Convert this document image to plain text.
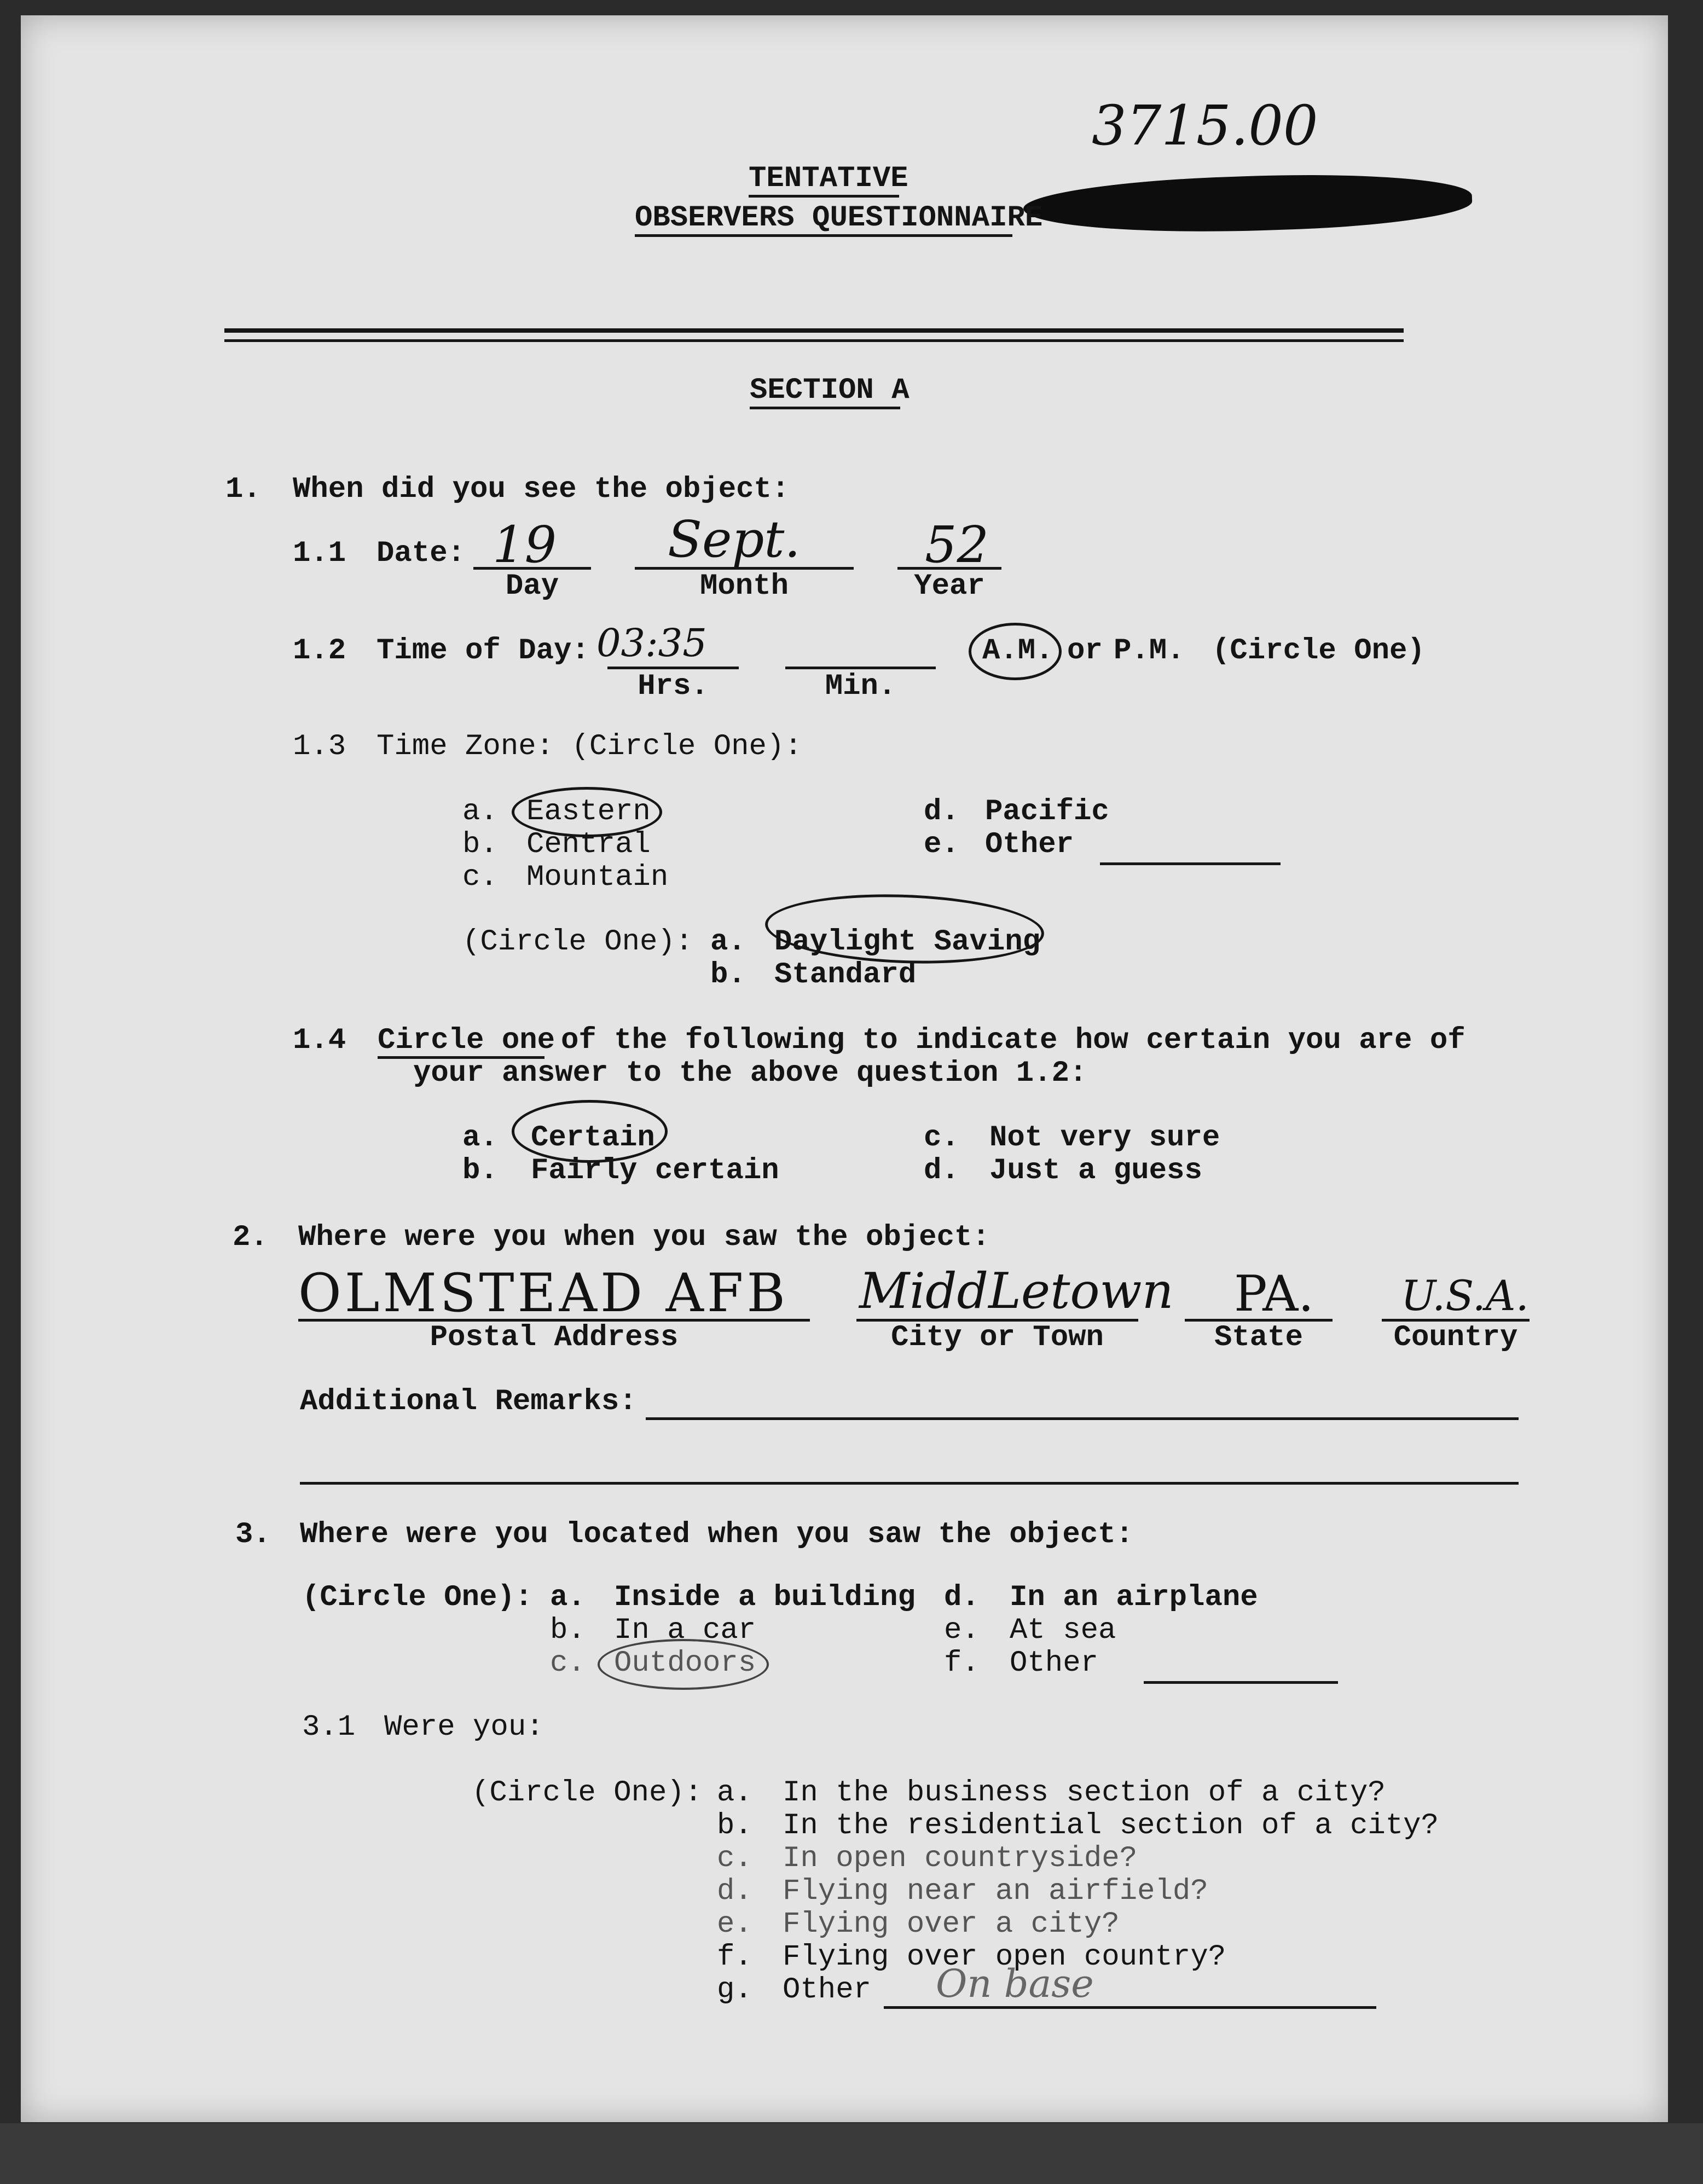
3715.00
TENTATIVE
OBSERVERS QUESTIONNAIRE
SECTION A
1. When did you see the object:
1.1 Date: 19
Day
Sept.
Month
52
Year
1.2 Time of Day: 03:35
Hrs.	Min.
A.M. or P.M. (Circle One)
1.3 Time Zone: (Circle One):
a. Eastern
b. Central
c. Mountain
d. Pacific
e. Other
(Circle One): a. Daylight Saving
b. Standard
1.4 Circle one of the following to indicate how certain you are of
your answer to the above question 1.2:
a. Certain
b. Fairly certain
c. Not very sure
d. Just a guess
2. Where were you when you saw the object:
OLMSTEAD AFB
Postal Address
MiddLetown
City or Town
PA.
State
U.S.A.
Country
Additional Remarks:
3. Where were you located when you saw the object:
(Circle One): a. Inside a building
b. In a car
c. Outdoors
d. In an airplane
e. At sea
f. Other
3.1 Were you:
(Circle One): a. In the business section of a city?
b. In the residential section of a city?
c. In open countryside?
d. Flying near an airfield?
e. Flying over a city?
f. Flying over open country?
g. Other On base
